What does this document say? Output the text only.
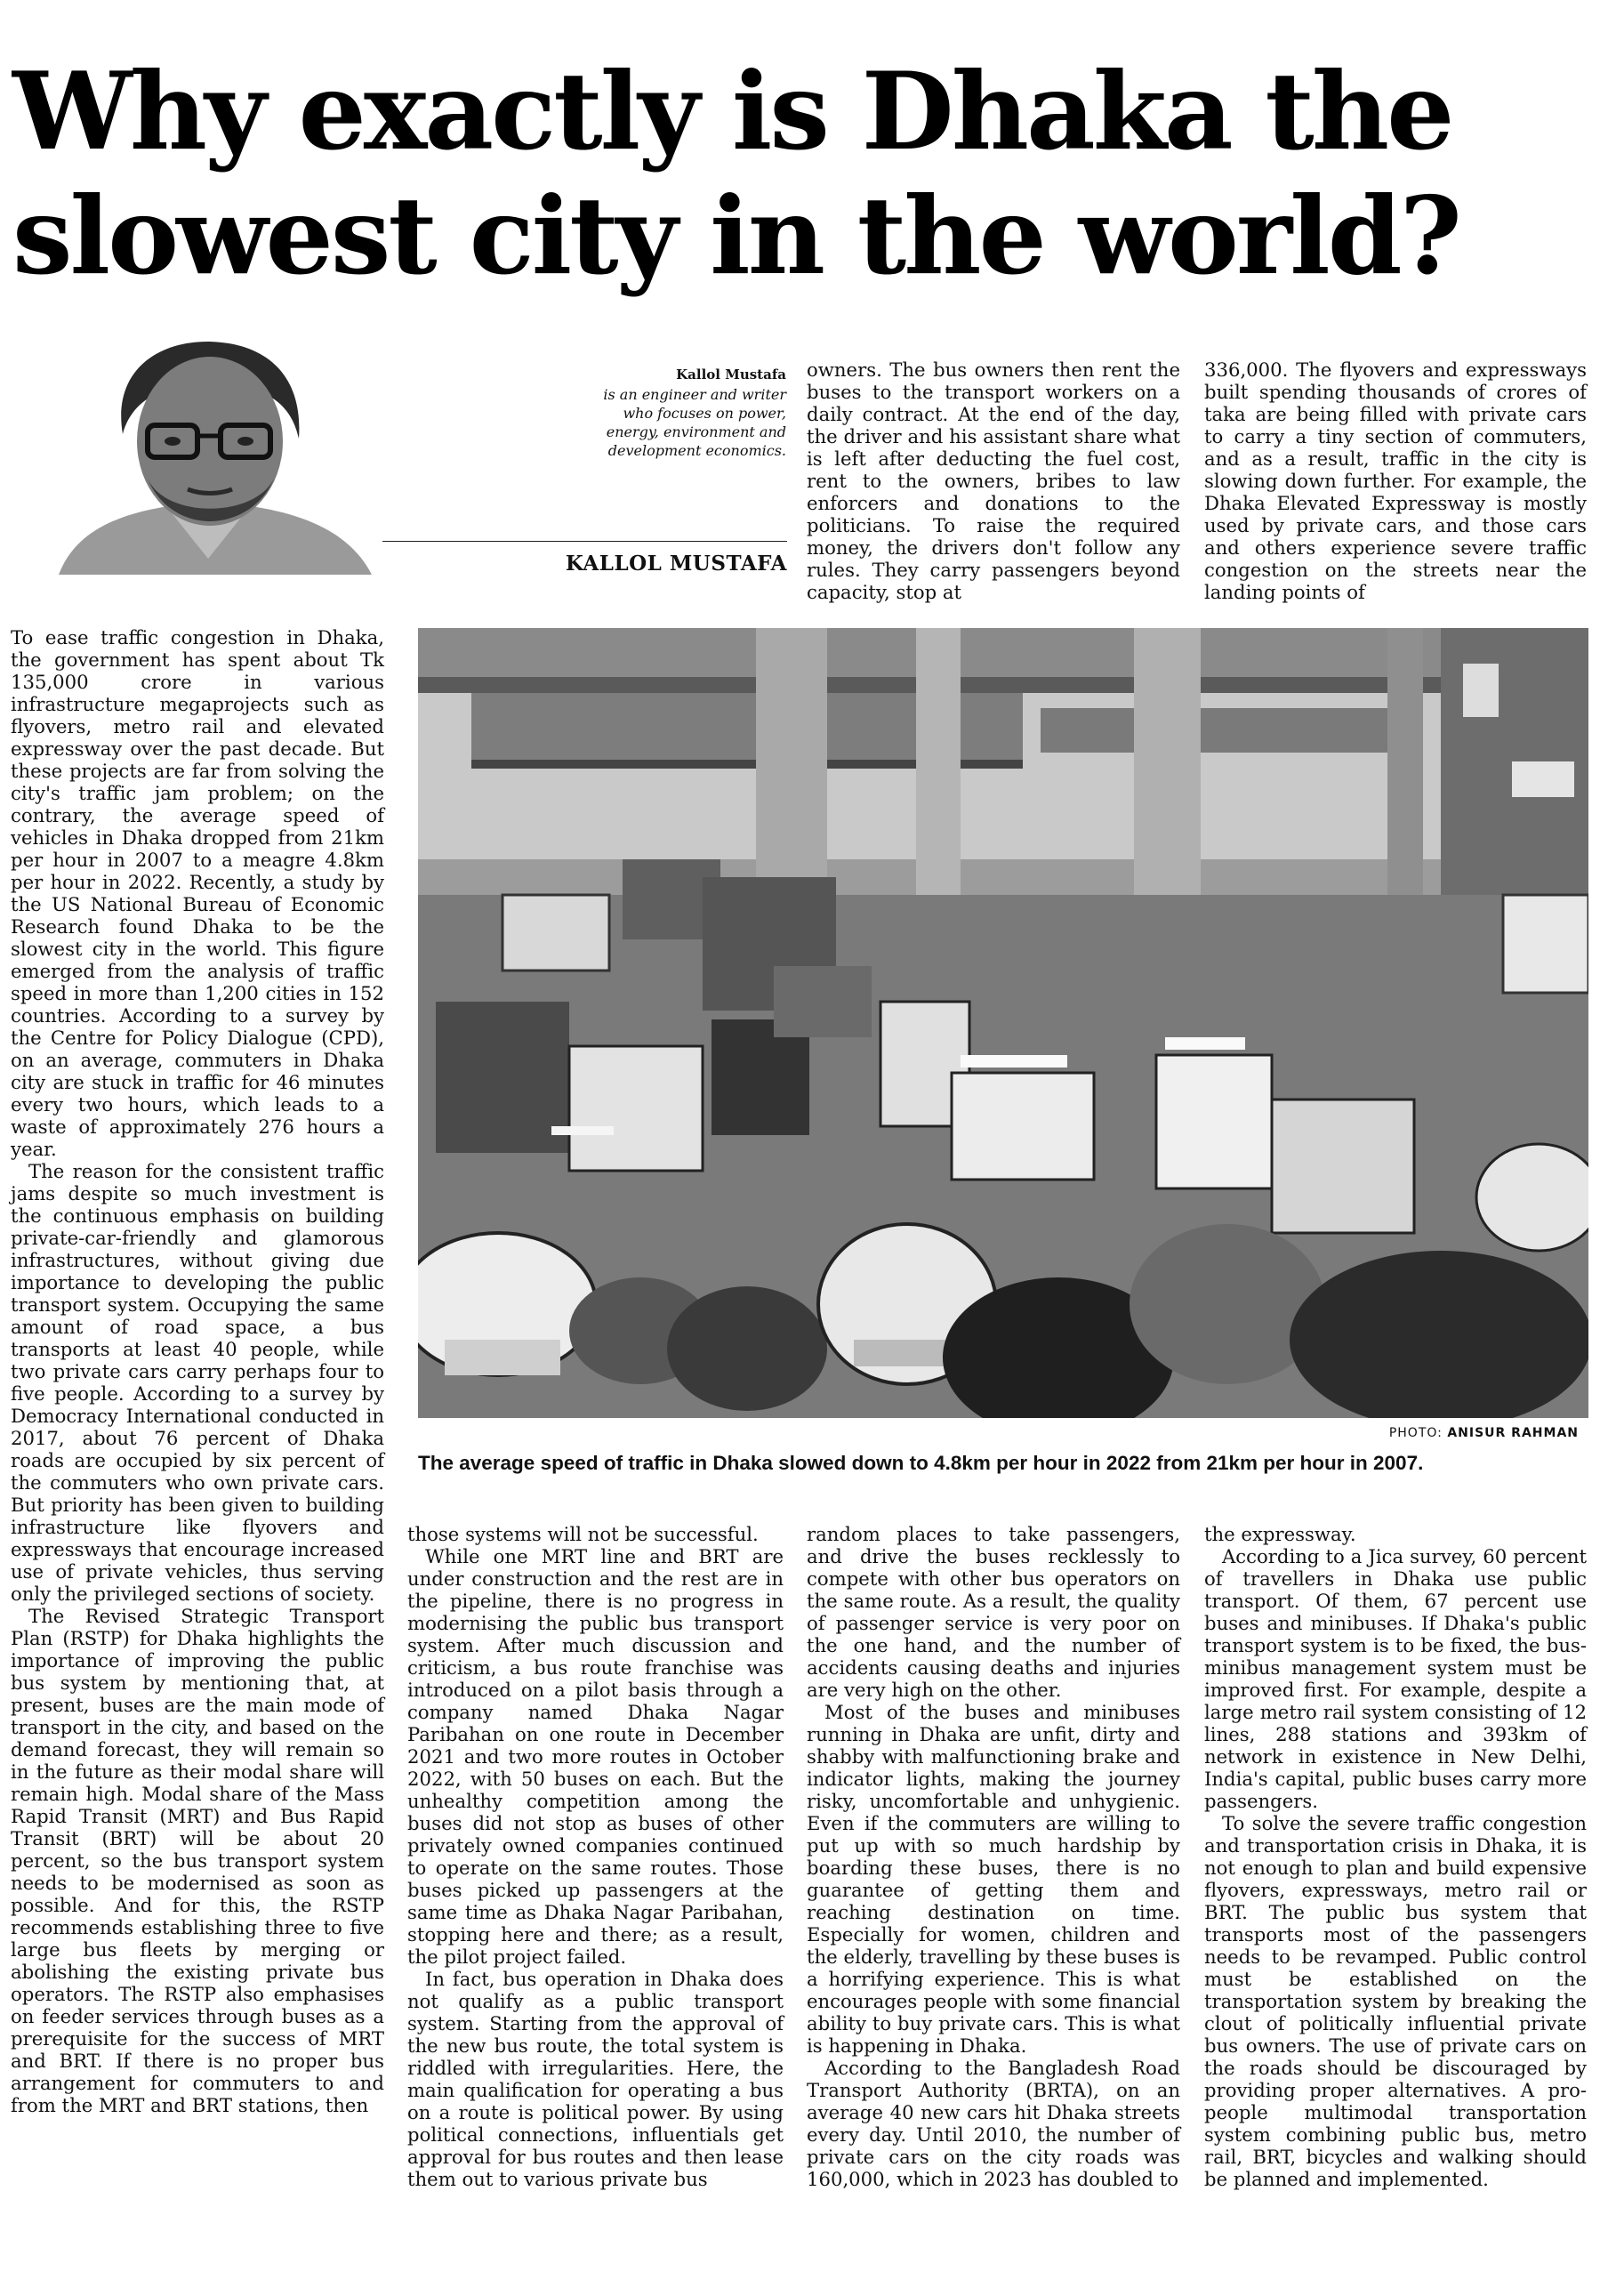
Why exactly is Dhaka the
slowest city in the world?
Kallol Mustafa
is an engineer and writer
who focuses on power,
energy, environment and
development economics.
KALLOL MUSTAFA

To ease traffic congestion in Dhaka, the government has spent about Tk 135,000 crore in various infrastructure megaprojects such as flyovers, metro rail and elevated expressway over the past decade. But these projects are far from solving the city's traffic jam problem; on the contrary, the average speed of vehicles in Dhaka dropped from 21km per hour in 2007 to a meagre 4.8km per hour in 2022. Recently, a study by the US National Bureau of Economic Research found Dhaka to be the slowest city in the world. This figure emerged from the analysis of traffic speed in more than 1,200 cities in 152 countries. According to a survey by the Centre for Policy Dialogue (CPD), on an average, commuters in Dhaka city are stuck in traffic for 46 minutes every two hours, which leads to a waste of approximately 276 hours a year.

The reason for the consistent traffic jams despite so much investment is the continuous emphasis on building private-car-friendly and glamorous infrastructures, without giving due importance to developing the public transport system. Occupying the same amount of road space, a bus transports at least 40 people, while two private cars carry perhaps four to five people. According to a survey by Democracy International conducted in 2017, about 76 percent of Dhaka roads are occupied by six percent of the commuters who own private cars. But priority has been given to building infrastructure like flyovers and expressways that encourage increased use of private vehicles, thus serving only the privileged sections of society.

The Revised Strategic Transport Plan (RSTP) for Dhaka highlights the importance of improving the public bus system by mentioning that, at present, buses are the main mode of transport in the city, and based on the demand forecast, they will remain so in the future as their modal share will remain high. Modal share of the Mass Rapid Transit (MRT) and Bus Rapid Transit (BRT) will be about 20 percent, so the bus transport system needs to be modernised as soon as possible. And for this, the RSTP recommends establishing three to five large bus fleets by merging or abolishing the existing private bus operators. The RSTP also emphasises on feeder services through buses as a prerequisite for the success of MRT and BRT. If there is no proper bus arrangement for commuters to and from the MRT and BRT stations, then

owners. The bus owners then rent the buses to the transport workers on a daily contract. At the end of the day, the driver and his assistant share what is left after deducting the fuel cost, rent to the owners, bribes to law enforcers and donations to the politicians. To raise the required money, the drivers don't follow any rules. They carry passengers beyond capacity, stop at

336,000. The flyovers and expressways built spending thousands of crores of taka are being filled with private cars to carry a tiny section of commuters, and as a result, traffic in the city is slowing down further. For example, the Dhaka Elevated Expressway is mostly used by private cars, and those cars and others experience severe traffic congestion on the streets near the landing points of

PHOTO: ANISUR RAHMAN
The average speed of traffic in Dhaka slowed down to 4.8km per hour in 2022 from 21km per hour in 2007.

those systems will not be successful.

While one MRT line and BRT are under construction and the rest are in the pipeline, there is no progress in modernising the public bus transport system. After much discussion and criticism, a bus route franchise was introduced on a pilot basis through a company named Dhaka Nagar Paribahan on one route in December 2021 and two more routes in October 2022, with 50 buses on each. But the unhealthy competition among the buses did not stop as buses of other privately owned companies continued to operate on the same routes. Those buses picked up passengers at the same time as Dhaka Nagar Paribahan, stopping here and there; as a result, the pilot project failed.

In fact, bus operation in Dhaka does not qualify as a public transport system. Starting from the approval of the new bus route, the total system is riddled with irregularities. Here, the main qualification for operating a bus on a route is political power. By using political connections, influentials get approval for bus routes and then lease them out to various private bus

random places to take passengers, and drive the buses recklessly to compete with other bus operators on the same route. As a result, the quality of passenger service is very poor on the one hand, and the number of accidents causing deaths and injuries are very high on the other.

Most of the buses and minibuses running in Dhaka are unfit, dirty and shabby with malfunctioning brake and indicator lights, making the journey risky, uncomfortable and unhygienic. Even if the commuters are willing to put up with so much hardship by boarding these buses, there is no guarantee of getting them and reaching destination on time. Especially for women, children and the elderly, travelling by these buses is a horrifying experience. This is what encourages people with some financial ability to buy private cars. This is what is happening in Dhaka.

According to the Bangladesh Road Transport Authority (BRTA), on an average 40 new cars hit Dhaka streets every day. Until 2010, the number of private cars on the city roads was 160,000, which in 2023 has doubled to

the expressway.

According to a Jica survey, 60 percent of travellers in Dhaka use public transport. Of them, 67 percent use buses and minibuses. If Dhaka's public transport system is to be fixed, the bus-minibus management system must be improved first. For example, despite a large metro rail system consisting of 12 lines, 288 stations and 393km of network in existence in New Delhi, India's capital, public buses carry more passengers.

To solve the severe traffic congestion and transportation crisis in Dhaka, it is not enough to plan and build expensive flyovers, expressways, metro rail or BRT. The public bus system that transports most of the passengers needs to be revamped. Public control must be established on the transportation system by breaking the clout of politically influential private bus owners. The use of private cars on the roads should be discouraged by providing proper alternatives. A pro-people multimodal transportation system combining public bus, metro rail, BRT, bicycles and walking should be planned and implemented.
